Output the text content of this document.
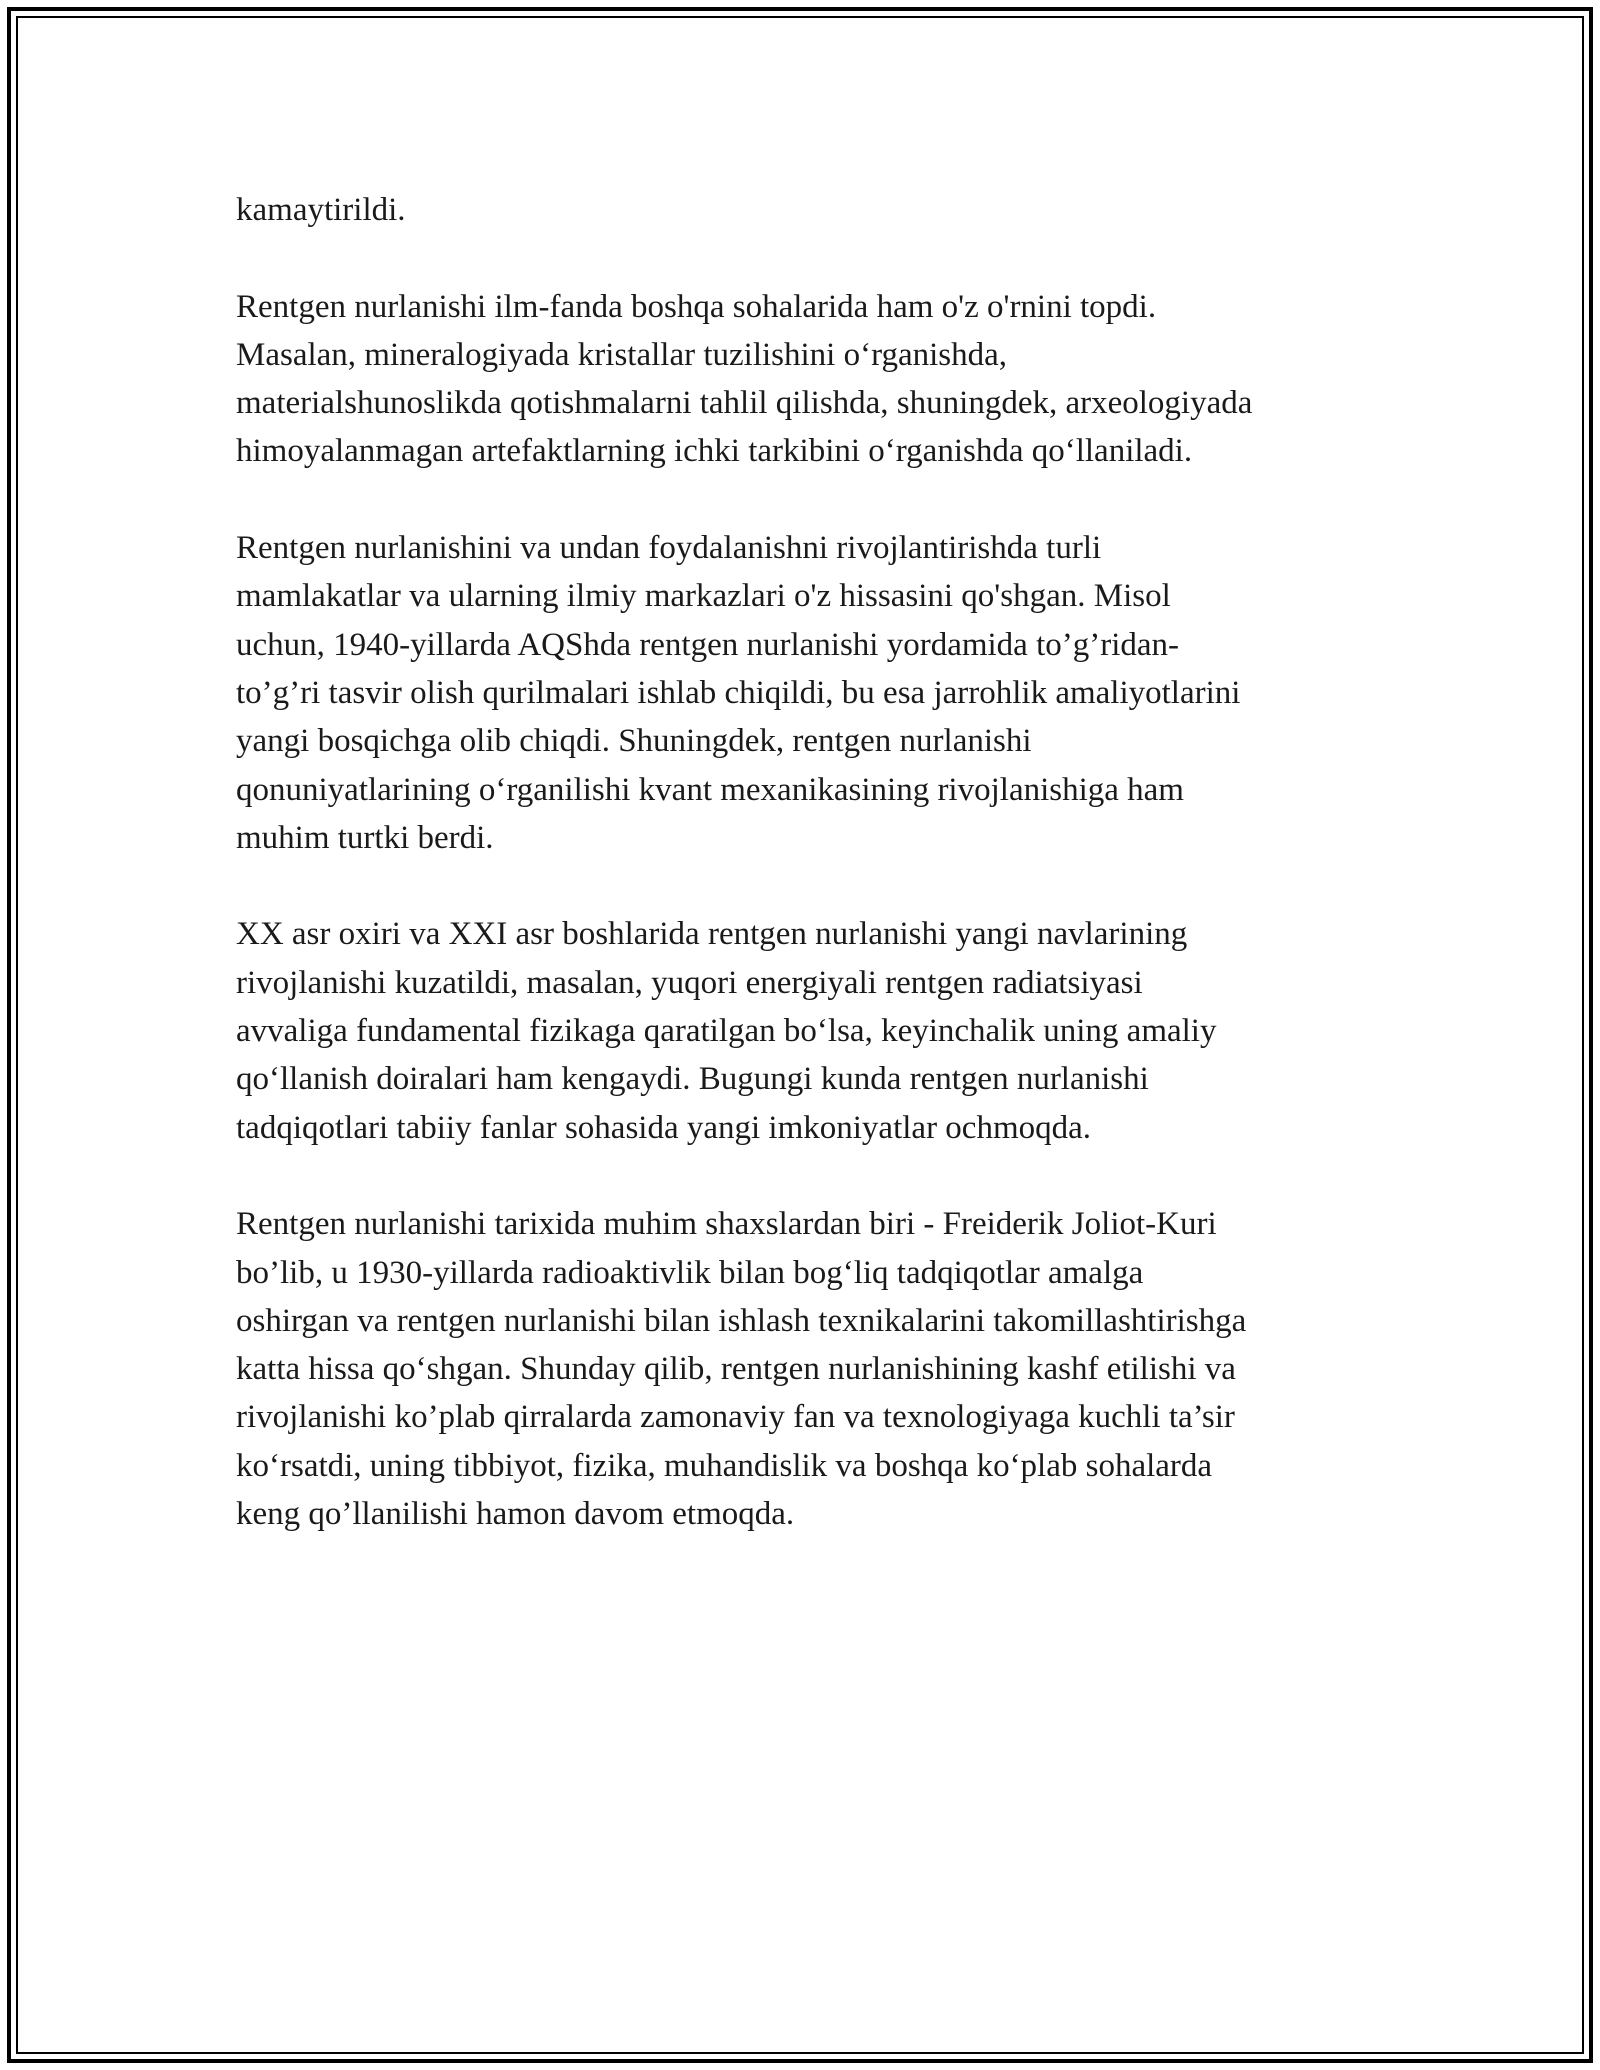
kamaytirildi.

Rentgen nurlanishi ilm-fanda boshqa sohalarida ham o'z o'rnini topdi.
Masalan, mineralogiyada kristallar tuzilishini o‘rganishda,
materialshunoslikda qotishmalarni tahlil qilishda, shuningdek, arxeologiyada
himoyalanmagan artefaktlarning ichki tarkibini o‘rganishda qo‘llaniladi.

Rentgen nurlanishini va undan foydalanishni rivojlantirishda turli
mamlakatlar va ularning ilmiy markazlari o'z hissasini qo'shgan. Misol
uchun, 1940-yillarda AQShda rentgen nurlanishi yordamida to’g’ridan-
to’g’ri tasvir olish qurilmalari ishlab chiqildi, bu esa jarrohlik amaliyotlarini
yangi bosqichga olib chiqdi. Shuningdek, rentgen nurlanishi
qonuniyatlarining o‘rganilishi kvant mexanikasining rivojlanishiga ham
muhim turtki berdi.

XX asr oxiri va XXI asr boshlarida rentgen nurlanishi yangi navlarining
rivojlanishi kuzatildi, masalan, yuqori energiyali rentgen radiatsiyasi
avvaliga fundamental fizikaga qaratilgan bo‘lsa, keyinchalik uning amaliy
qo‘llanish doiralari ham kengaydi. Bugungi kunda rentgen nurlanishi
tadqiqotlari tabiiy fanlar sohasida yangi imkoniyatlar ochmoqda.

Rentgen nurlanishi tarixida muhim shaxslardan biri - Freiderik Joliot-Kuri
bo’lib, u 1930-yillarda radioaktivlik bilan bog‘liq tadqiqotlar amalga
oshirgan va rentgen nurlanishi bilan ishlash texnikalarini takomillashtirishga
katta hissa qo‘shgan. Shunday qilib, rentgen nurlanishining kashf etilishi va
rivojlanishi ko’plab qirralarda zamonaviy fan va texnologiyaga kuchli ta’sir
ko‘rsatdi, uning tibbiyot, fizika, muhandislik va boshqa ko‘plab sohalarda
keng qo’llanilishi hamon davom etmoqda.
